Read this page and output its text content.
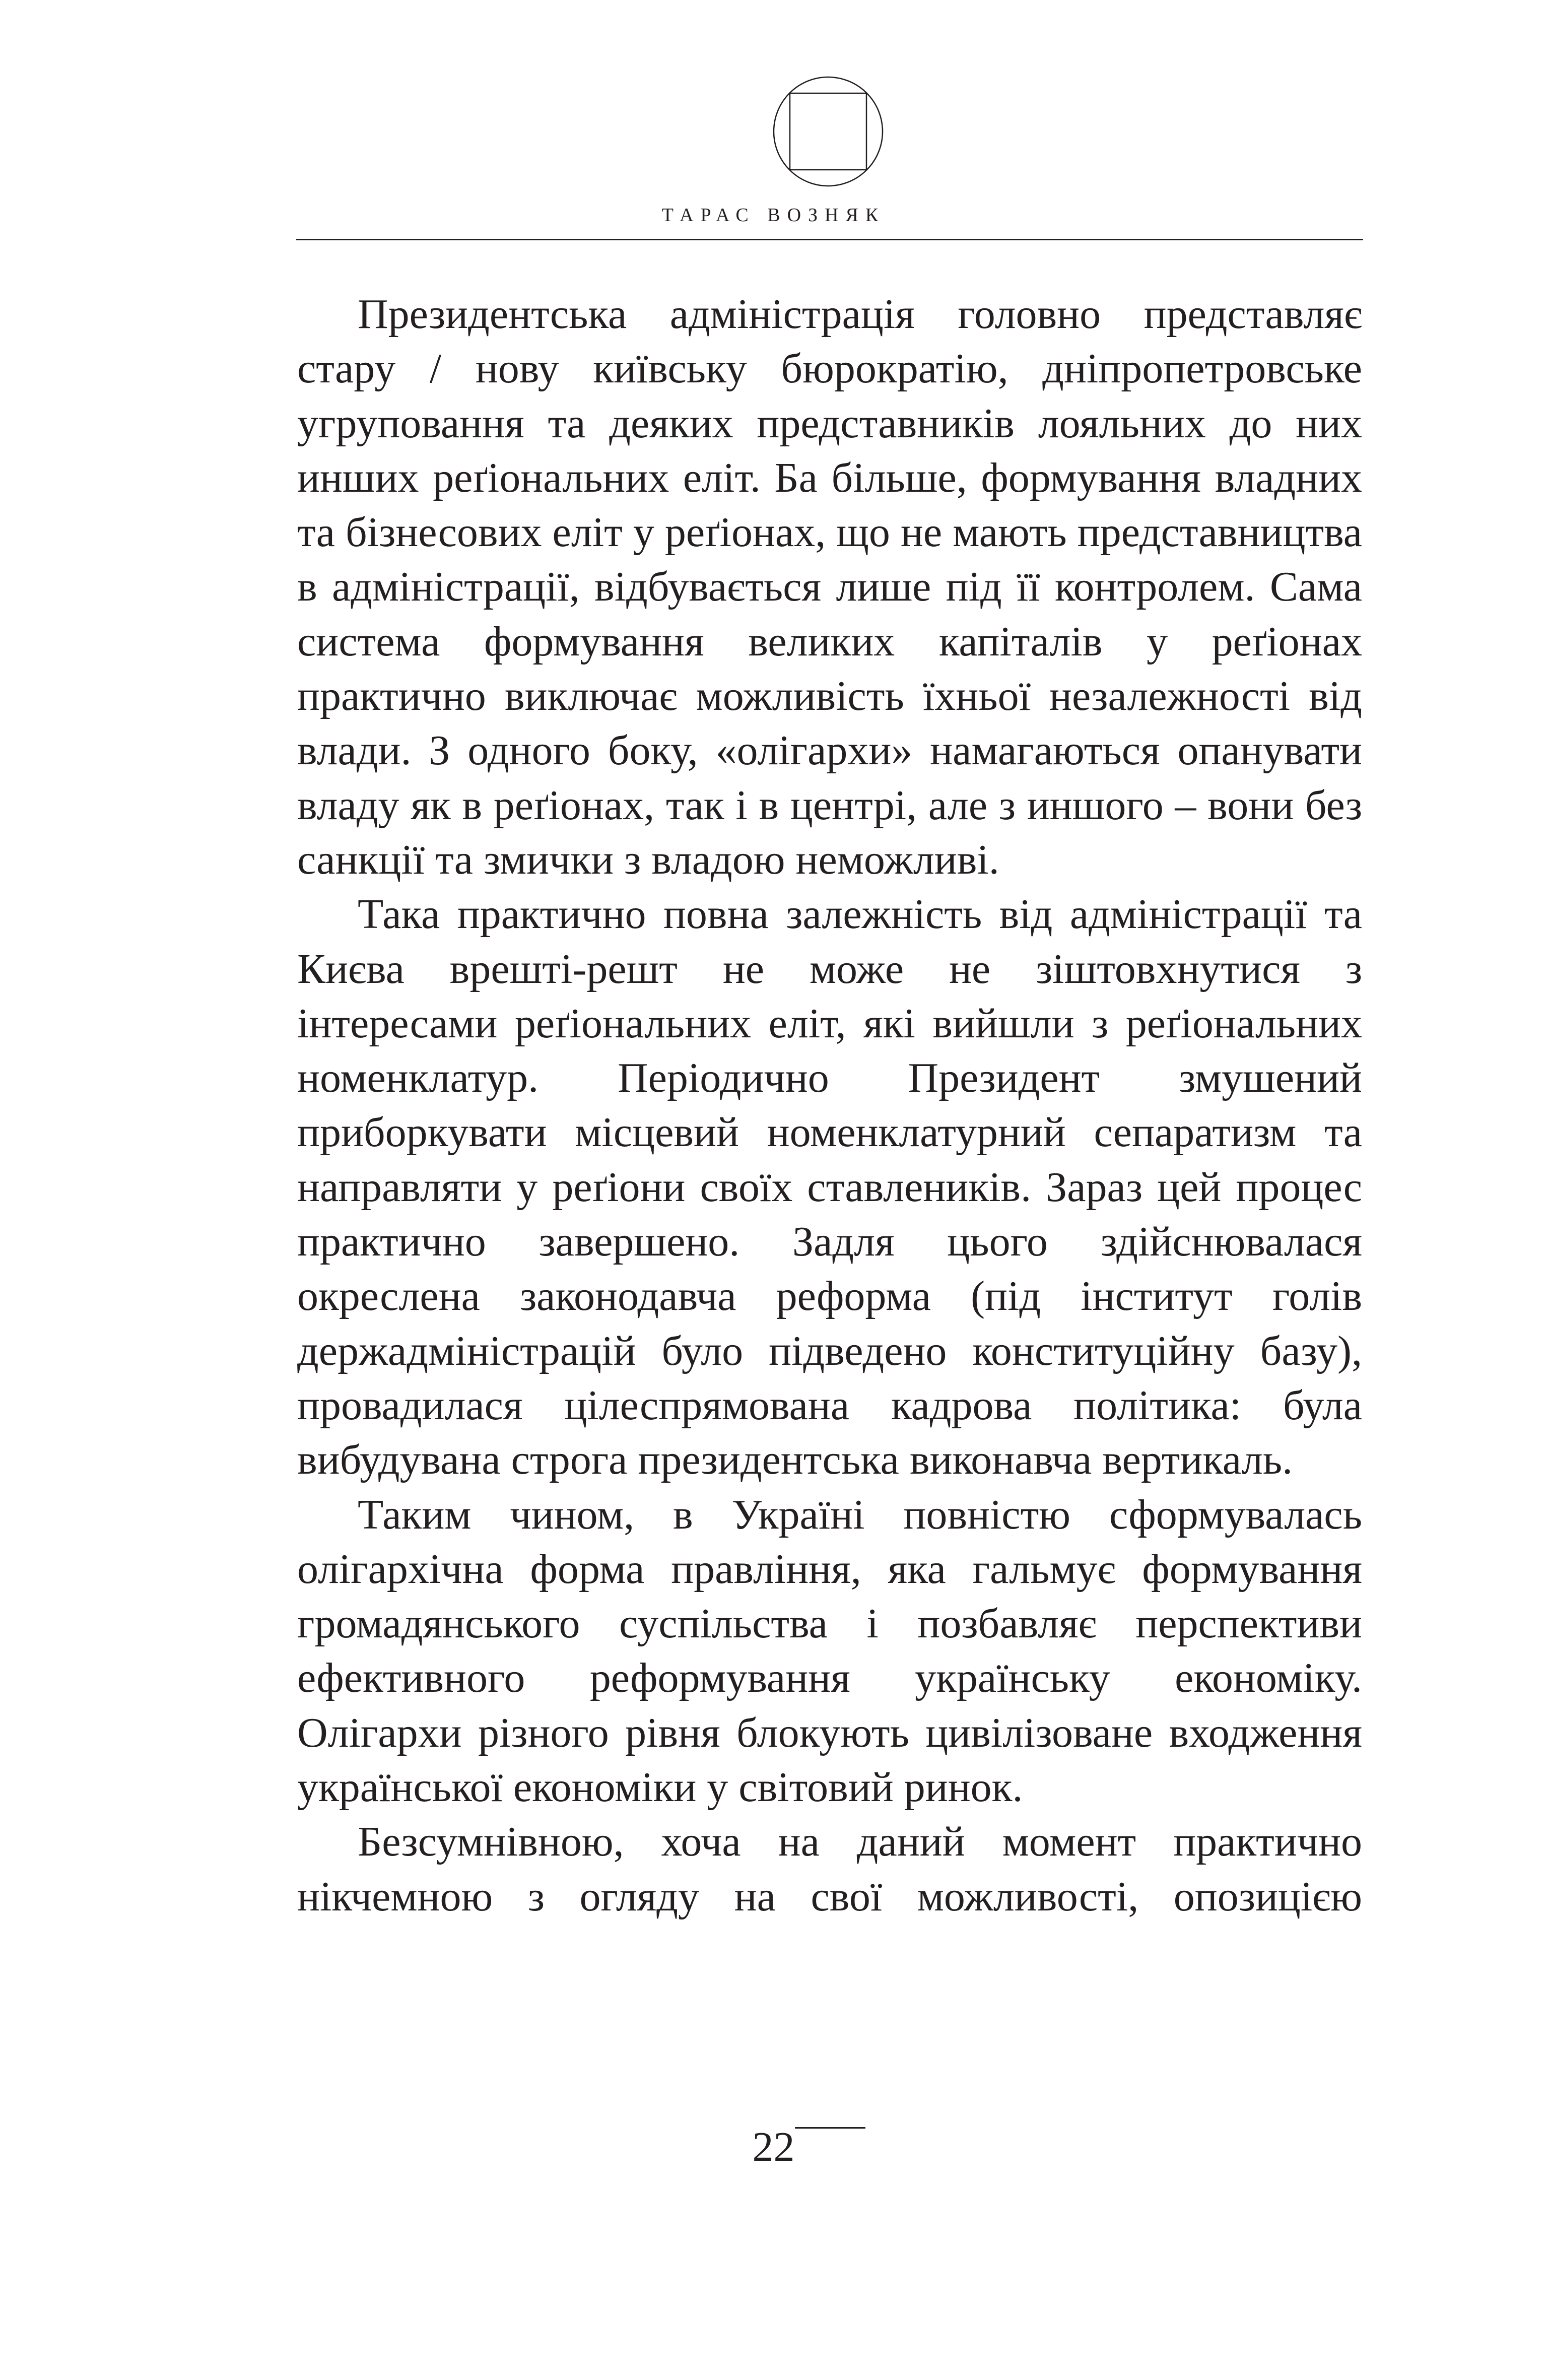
ТАРАС ВОЗНЯК

Президентська адміністрація головно представляє стару / нову київську бюрократію, дніпропетровське угруповання та деяких представників лояльних до них инших реґіональних еліт. Ба більше, формування владних та бізнесових еліт у реґіонах, що не мають представництва в адміністрації, відбувається лише під її контролем. Сама система формування великих капіталів у реґіонах практично виключає можливість їхньої незалежності від влади. З одного боку, «олігархи» намагаються опанувати владу як в реґіонах, так і в центрі, але з иншого – вони без санкції та змички з владою неможливі.

Така практично повна залежність від адміністрації та Києва врешті-решт не може не зіштовхнутися з інтересами реґіональних еліт, які вийшли з реґіональних номенклатур. Періодично Президент змушений приборкувати місцевий номенклатурний сепаратизм та направляти у реґіони своїх ставлеників. Зараз цей процес практично завершено. Задля цього здійснювалася окреслена законодавча реформа (під інститут голів держадміністрацій було підведено конституційну базу), провадилася цілеспрямована кадрова політика: була вибудувана строга президентська виконавча вертикаль.

Таким чином, в Україні повністю сформувалась олігархічна форма правління, яка гальмує формування громадянського суспільства і позбавляє перспективи ефективного реформування українську економіку. Олігархи різного рівня блокують цивілізоване входження української економіки у світовий ринок.

Безсумнівною, хоча на даний момент практично нікчемною з огляду на свої можливості, опозицією

22
